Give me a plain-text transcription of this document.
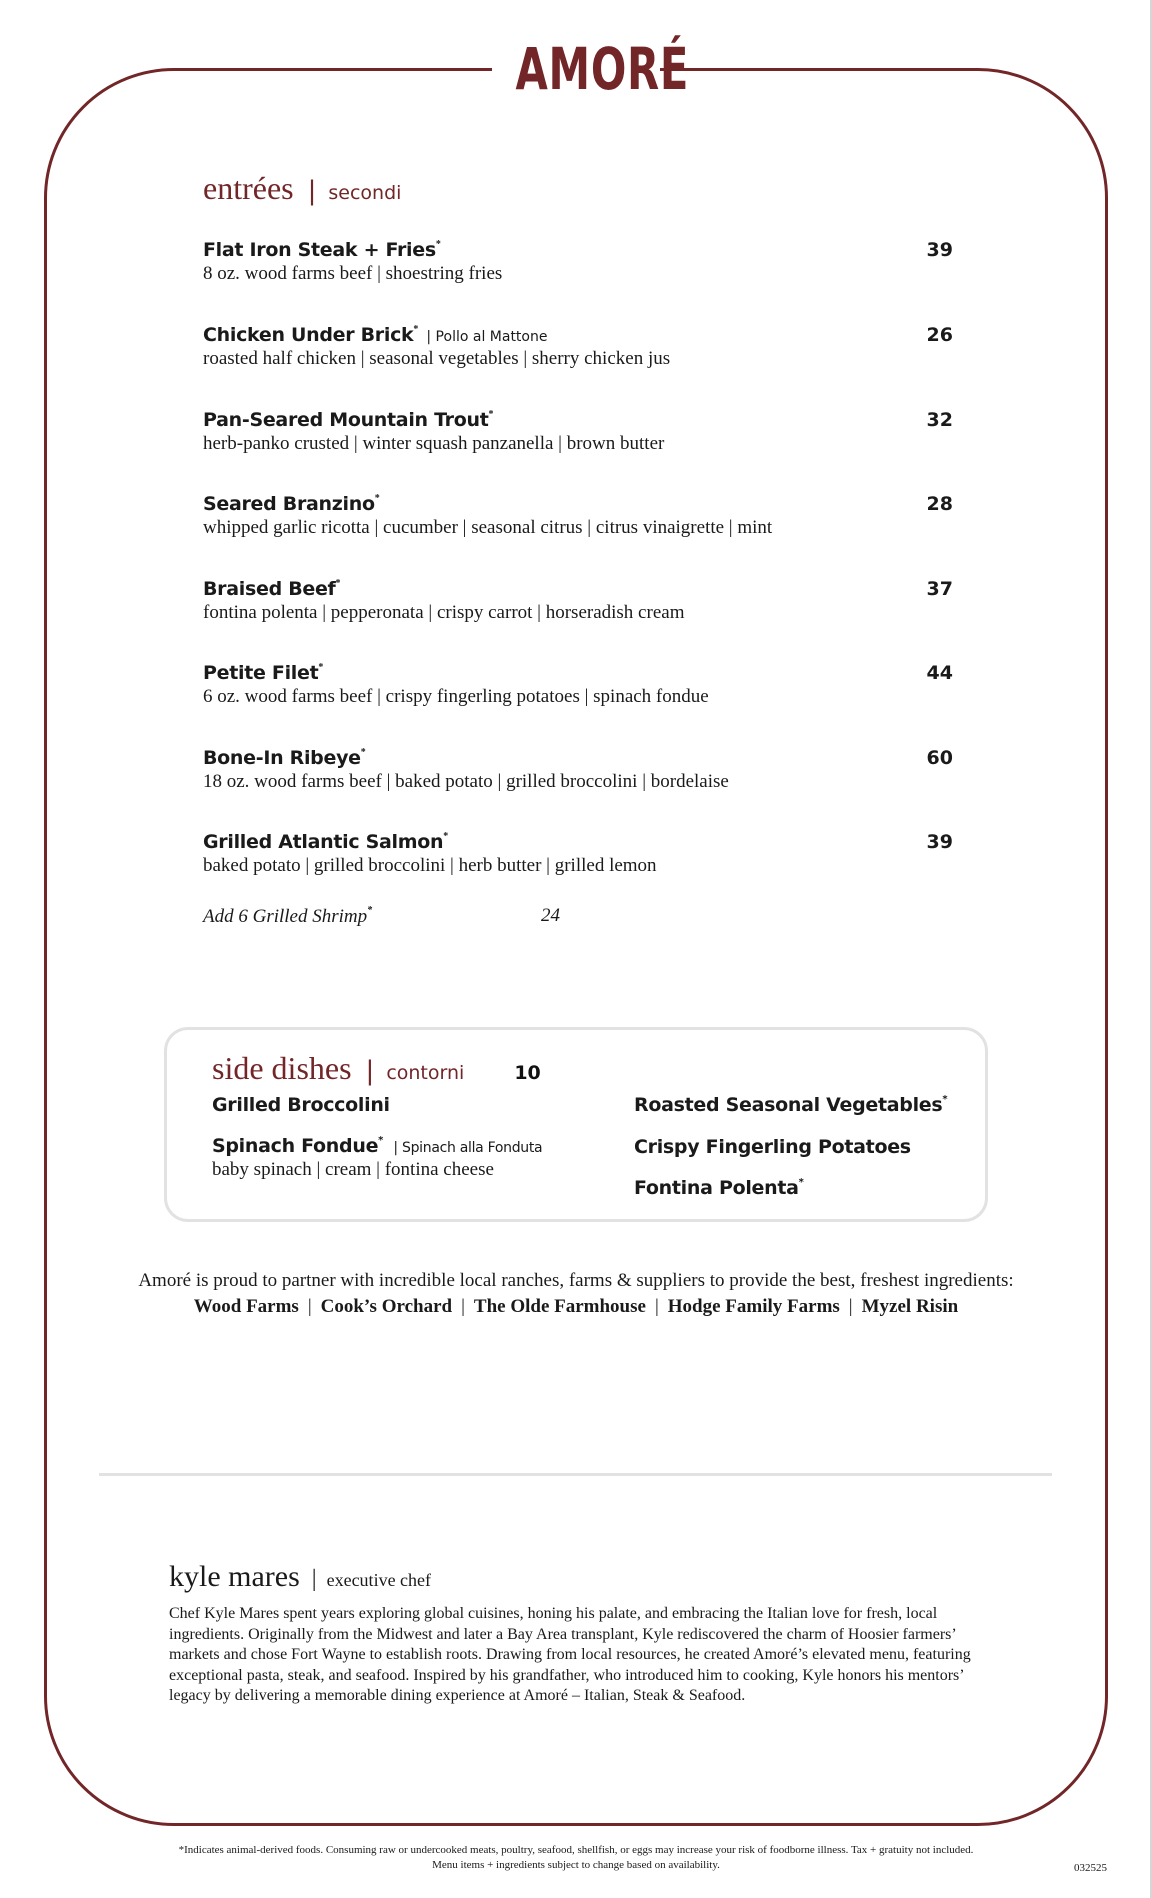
AMORÉ
entrées | secondi
Flat Iron Steak + Fries*	39
8 oz. wood farms beef | shoestring fries
Chicken Under Brick* | Pollo al Mattone	26
roasted half chicken | seasonal vegetables | sherry chicken jus
Pan-Seared Mountain Trout*	32
herb-panko crusted | winter squash panzanella | brown butter
Seared Branzino*	28
whipped garlic ricotta | cucumber | seasonal citrus | citrus vinaigrette | mint
Braised Beef*	37
fontina polenta | pepperonata | crispy carrot | horseradish cream
Petite Filet*	44
6 oz. wood farms beef | crispy fingerling potatoes | spinach fondue
Bone-In Ribeye*	60
18 oz. wood farms beef | baked potato | grilled broccolini | bordelaise
Grilled Atlantic Salmon*	39
baked potato | grilled broccolini | herb butter | grilled lemon
Add 6 Grilled Shrimp*	24
side dishes | contorni	10
Grilled Broccolini
Spinach Fondue* | Spinach alla Fonduta
baby spinach | cream | fontina cheese
Roasted Seasonal Vegetables*
Crispy Fingerling Potatoes
Fontina Polenta*
Amoré is proud to partner with incredible local ranches, farms & suppliers to provide the best, freshest ingredients:
Wood Farms | Cook’s Orchard | The Olde Farmhouse | Hodge Family Farms | Myzel Risin
kyle mares | executive chef

Chef Kyle Mares spent years exploring global cuisines, honing his palate, and embracing the Italian love for fresh, local ingredients. Originally from the Midwest and later a Bay Area transplant, Kyle rediscovered the charm of Hoosier farmers’ markets and chose Fort Wayne to establish roots. Drawing from local resources, he created Amoré’s elevated menu, featuring exceptional pasta, steak, and seafood. Inspired by his grandfather, who introduced him to cooking, Kyle honors his mentors’ legacy by delivering a memorable dining experience at Amoré – Italian, Steak & Seafood.

*Indicates animal-derived foods. Consuming raw or undercooked meats, poultry, seafood, shellfish, or eggs may increase your risk of foodborne illness. Tax + gratuity not included.
Menu items + ingredients subject to change based on availability.	032525
